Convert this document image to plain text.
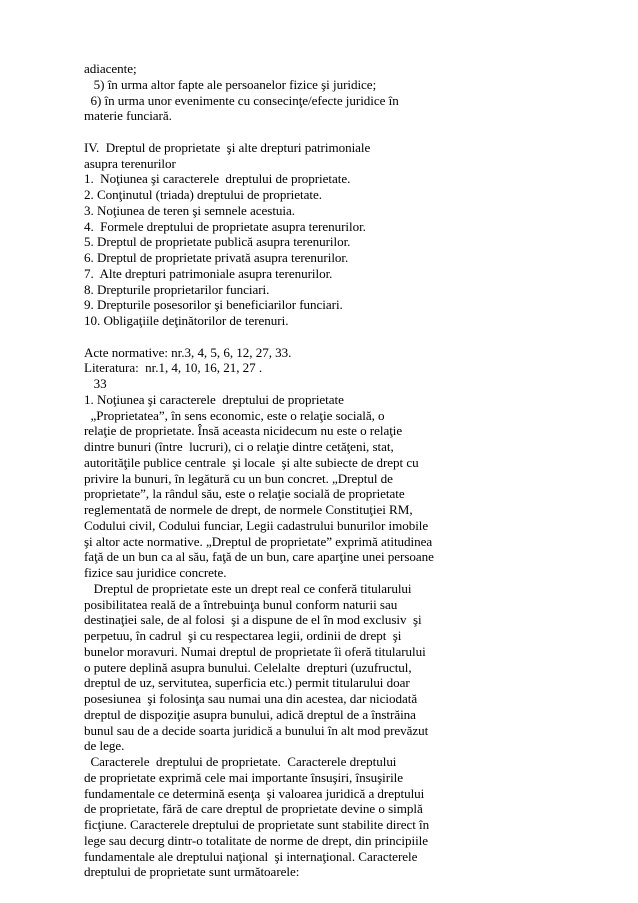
adiacente;
5) în urma altor fapte ale persoanelor fizice şi juridice;
6) în urma unor evenimente cu consecinţe/efecte juridice în
materie funciară.
IV.  Dreptul de proprietate  şi alte drepturi patrimoniale
asupra terenurilor
1.  Noţiunea şi caracterele  dreptului de proprietate.
2. Conţinutul (triada) dreptului de proprietate.
3. Noţiunea de teren şi semnele acestuia.
4.  Formele dreptului de proprietate asupra terenurilor.
5. Dreptul de proprietate publică asupra terenurilor.
6. Dreptul de proprietate privată asupra terenurilor.
7.  Alte drepturi patrimoniale asupra terenurilor.
8. Drepturile proprietarilor funciari.
9. Drepturile posesorilor şi beneficiarilor funciari.
10. Obligaţiile deţinătorilor de terenuri.
Acte normative: nr.3, 4, 5, 6, 12, 27, 33.
Literatura:  nr.1, 4, 10, 16, 21, 27 .
33
1. Noţiunea şi caracterele  dreptului de proprietate
„Proprietatea”, în sens economic, este o relaţie socială, o
relaţie de proprietate. Însă aceasta nicidecum nu este o relaţie
dintre bunuri (între  lucruri), ci o relaţie dintre cetăţeni, stat,
autorităţile publice centrale  şi locale  şi alte subiecte de drept cu
privire la bunuri, în legătură cu un bun concret. „Dreptul de
proprietate”, la rândul său, este o relaţie socială de proprietate
reglementată de normele de drept, de normele Constituţiei RM,
Codului civil, Codului funciar, Legii cadastrului bunurilor imobile
şi altor acte normative. „Dreptul de proprietate” exprimă atitudinea
faţă de un bun ca al său, faţă de un bun, care aparţine unei persoane
fizice sau juridice concrete.
Dreptul de proprietate este un drept real ce conferă titularului
posibilitatea reală de a întrebuinţa bunul conform naturii sau
destinaţiei sale, de al folosi  şi a dispune de el în mod exclusiv  şi
perpetuu, în cadrul  şi cu respectarea legii, ordinii de drept  şi
bunelor moravuri. Numai dreptul de proprietate îi oferă titularului
o putere deplină asupra bunului. Celelalte  drepturi (uzufructul,
dreptul de uz, servitutea, superficia etc.) permit titularului doar
posesiunea  şi folosinţa sau numai una din acestea, dar niciodată
dreptul de dispoziţie asupra bunului, adică dreptul de a înstrăina
bunul sau de a decide soarta juridică a bunului în alt mod prevăzut
de lege.
Caracterele  dreptului de proprietate.  Caracterele dreptului
de proprietate exprimă cele mai importante însuşiri, însuşirile
fundamentale ce determină esenţa  şi valoarea juridică a dreptului
de proprietate, fără de care dreptul de proprietate devine o simplă
ficţiune. Caracterele dreptului de proprietate sunt stabilite direct în
lege sau decurg dintr-o totalitate de norme de drept, din principiile
fundamentale ale dreptului naţional  şi internaţional. Caracterele
dreptului de proprietate sunt următoarele:
